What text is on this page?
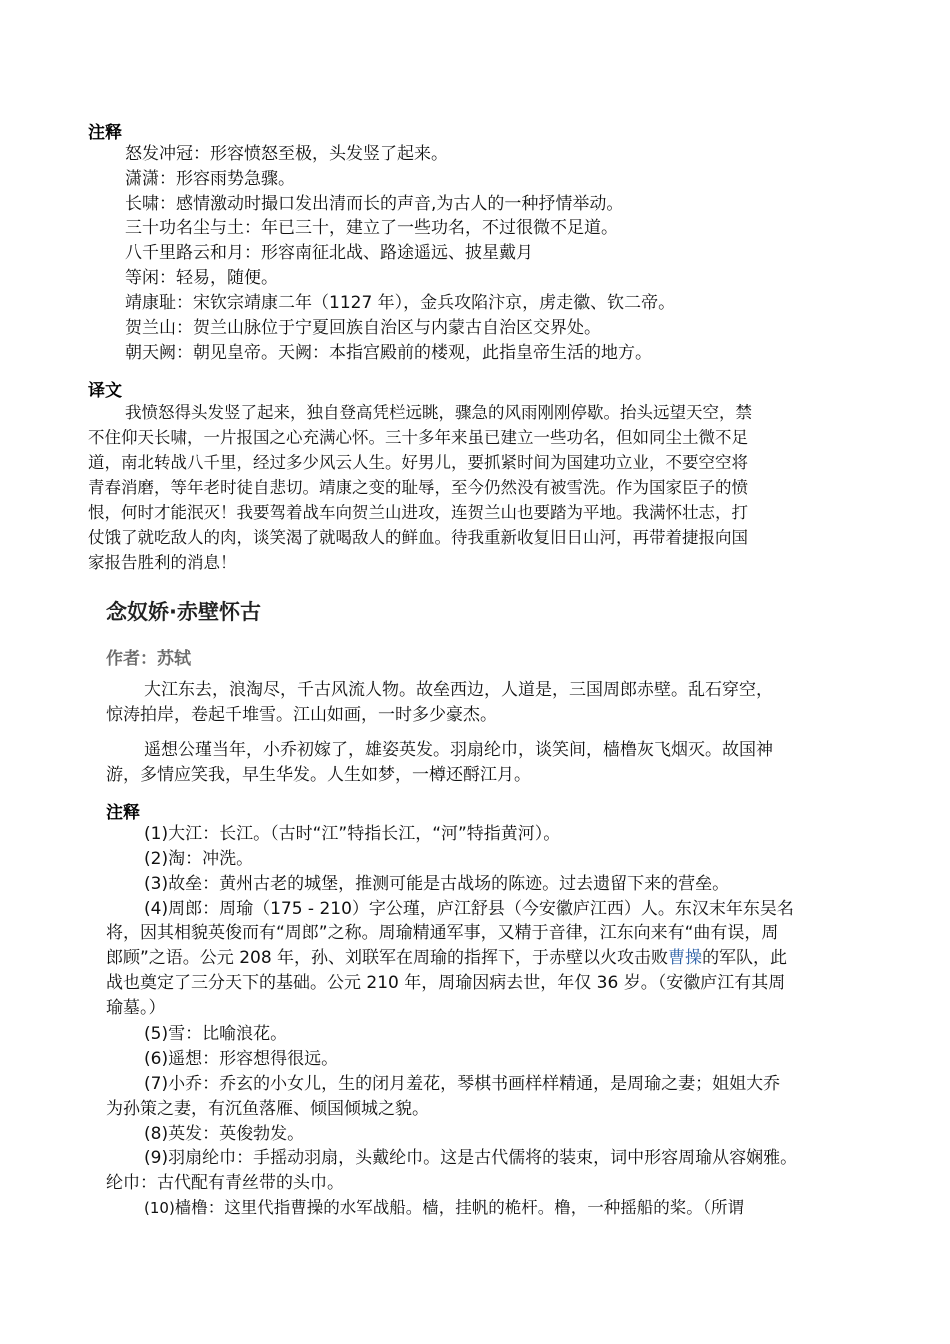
注释
怒发冲冠：形容愤怒至极，头发竖了起来。
潇潇：形容雨势急骤。
长啸：感情激动时撮口发出清而长的声音,为古人的一种抒情举动。
三十功名尘与土：年已三十，建立了一些功名，不过很微不足道。
八千里路云和月：形容南征北战、路途遥远、披星戴月
等闲：轻易，随便。
靖康耻：宋钦宗靖康二年（1127 年），金兵攻陷汴京，虏走徽、钦二帝。
贺兰山：贺兰山脉位于宁夏回族自治区与内蒙古自治区交界处。
朝天阙：朝见皇帝。天阙：本指宫殿前的楼观，此指皇帝生活的地方。
译文
我愤怒得头发竖了起来，独自登高凭栏远眺，骤急的风雨刚刚停歇。抬头远望天空，禁
不住仰天长啸，一片报国之心充满心怀。三十多年来虽已建立一些功名，但如同尘土微不足
道，南北转战八千里，经过多少风云人生。好男儿，要抓紧时间为国建功立业，不要空空将
青春消磨，等年老时徒自悲切。靖康之变的耻辱，至今仍然没有被雪洗。作为国家臣子的愤
恨，何时才能泯灭！我要驾着战车向贺兰山进攻，连贺兰山也要踏为平地。我满怀壮志，打
仗饿了就吃敌人的肉，谈笑渴了就喝敌人的鲜血。待我重新收复旧日山河，再带着捷报向国
家报告胜利的消息！
念奴娇·赤壁怀古
作者：苏轼
大江东去，浪淘尽，千古风流人物。故垒西边，人道是，三国周郎赤壁。乱石穿空，
惊涛拍岸，卷起千堆雪。江山如画，一时多少豪杰。
遥想公瑾当年，小乔初嫁了，雄姿英发。羽扇纶巾，谈笑间，樯橹灰飞烟灭。故国神
游，多情应笑我，早生华发。人生如梦，一樽还酹江月。
注释
(1)大江：长江。（古时“江”特指长江，“河”特指黄河）。
(2)淘：冲洗。
(3)故垒：黄州古老的城堡，推测可能是古战场的陈迹。过去遗留下来的营垒。
(4)周郎：周瑜（175 - 210）字公瑾，庐江舒县（今安徽庐江西）人。东汉末年东吴名
将，因其相貌英俊而有“周郎”之称。周瑜精通军事，又精于音律，江东向来有“曲有误，周
郎顾”之语。公元 208 年，孙、刘联军在周瑜的指挥下，于赤壁以火攻击败曹操的军队，此
战也奠定了三分天下的基础。公元 210 年，周瑜因病去世，年仅 36 岁。（安徽庐江有其周
瑜墓。）
(5)雪：比喻浪花。
(6)遥想：形容想得很远。
(7)小乔：乔玄的小女儿，生的闭月羞花，琴棋书画样样精通，是周瑜之妻；姐姐大乔
为孙策之妻，有沉鱼落雁、倾国倾城之貌。
(8)英发：英俊勃发。
(9)羽扇纶巾：手摇动羽扇，头戴纶巾。这是古代儒将的装束，词中形容周瑜从容娴雅。
纶巾：古代配有青丝带的头巾。
(10)樯橹：这里代指曹操的水军战船。樯，挂帆的桅杆。橹，一种摇船的桨。（所谓
